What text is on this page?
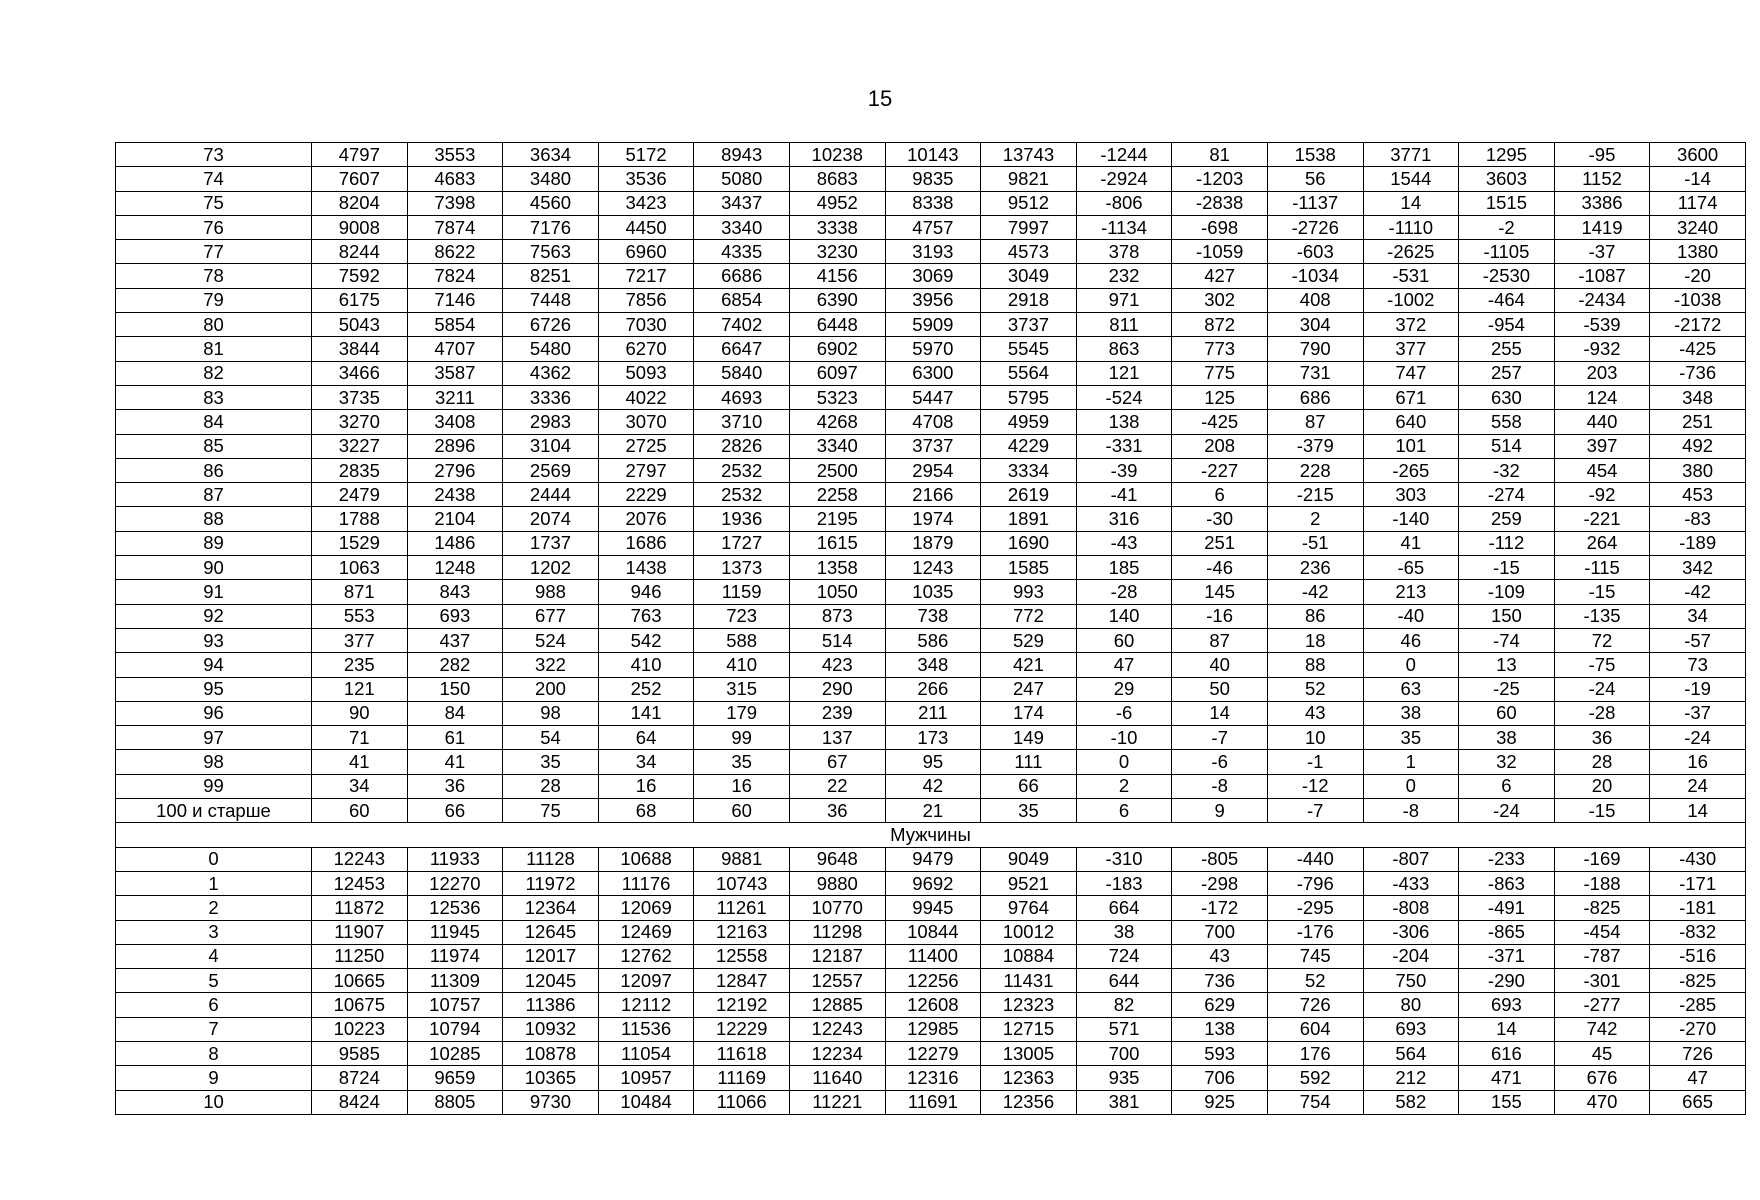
15
73	4797	3553	3634	5172	8943	10238	10143	13743	-1244	81	1538	3771	1295	-95	3600
74	7607	4683	3480	3536	5080	8683	9835	9821	-2924	-1203	56	1544	3603	1152	-14
75	8204	7398	4560	3423	3437	4952	8338	9512	-806	-2838	-1137	14	1515	3386	1174
76	9008	7874	7176	4450	3340	3338	4757	7997	-1134	-698	-2726	-1110	-2	1419	3240
77	8244	8622	7563	6960	4335	3230	3193	4573	378	-1059	-603	-2625	-1105	-37	1380
78	7592	7824	8251	7217	6686	4156	3069	3049	232	427	-1034	-531	-2530	-1087	-20
79	6175	7146	7448	7856	6854	6390	3956	2918	971	302	408	-1002	-464	-2434	-1038
80	5043	5854	6726	7030	7402	6448	5909	3737	811	872	304	372	-954	-539	-2172
81	3844	4707	5480	6270	6647	6902	5970	5545	863	773	790	377	255	-932	-425
82	3466	3587	4362	5093	5840	6097	6300	5564	121	775	731	747	257	203	-736
83	3735	3211	3336	4022	4693	5323	5447	5795	-524	125	686	671	630	124	348
84	3270	3408	2983	3070	3710	4268	4708	4959	138	-425	87	640	558	440	251
85	3227	2896	3104	2725	2826	3340	3737	4229	-331	208	-379	101	514	397	492
86	2835	2796	2569	2797	2532	2500	2954	3334	-39	-227	228	-265	-32	454	380
87	2479	2438	2444	2229	2532	2258	2166	2619	-41	6	-215	303	-274	-92	453
88	1788	2104	2074	2076	1936	2195	1974	1891	316	-30	2	-140	259	-221	-83
89	1529	1486	1737	1686	1727	1615	1879	1690	-43	251	-51	41	-112	264	-189
90	1063	1248	1202	1438	1373	1358	1243	1585	185	-46	236	-65	-15	-115	342
91	871	843	988	946	1159	1050	1035	993	-28	145	-42	213	-109	-15	-42
92	553	693	677	763	723	873	738	772	140	-16	86	-40	150	-135	34
93	377	437	524	542	588	514	586	529	60	87	18	46	-74	72	-57
94	235	282	322	410	410	423	348	421	47	40	88	0	13	-75	73
95	121	150	200	252	315	290	266	247	29	50	52	63	-25	-24	-19
96	90	84	98	141	179	239	211	174	-6	14	43	38	60	-28	-37
97	71	61	54	64	99	137	173	149	-10	-7	10	35	38	36	-24
98	41	41	35	34	35	67	95	111	0	-6	-1	1	32	28	16
99	34	36	28	16	16	22	42	66	2	-8	-12	0	6	20	24
100 и старше	60	66	75	68	60	36	21	35	6	9	-7	-8	-24	-15	14
Мужчины															
0	12243	11933	11128	10688	9881	9648	9479	9049	-310	-805	-440	-807	-233	-169	-430
1	12453	12270	11972	11176	10743	9880	9692	9521	-183	-298	-796	-433	-863	-188	-171
2	11872	12536	12364	12069	11261	10770	9945	9764	664	-172	-295	-808	-491	-825	-181
3	11907	11945	12645	12469	12163	11298	10844	10012	38	700	-176	-306	-865	-454	-832
4	11250	11974	12017	12762	12558	12187	11400	10884	724	43	745	-204	-371	-787	-516
5	10665	11309	12045	12097	12847	12557	12256	11431	644	736	52	750	-290	-301	-825
6	10675	10757	11386	12112	12192	12885	12608	12323	82	629	726	80	693	-277	-285
7	10223	10794	10932	11536	12229	12243	12985	12715	571	138	604	693	14	742	-270
8	9585	10285	10878	11054	11618	12234	12279	13005	700	593	176	564	616	45	726
9	8724	9659	10365	10957	11169	11640	12316	12363	935	706	592	212	471	676	47
10	8424	8805	9730	10484	11066	11221	11691	12356	381	925	754	582	155	470	665
